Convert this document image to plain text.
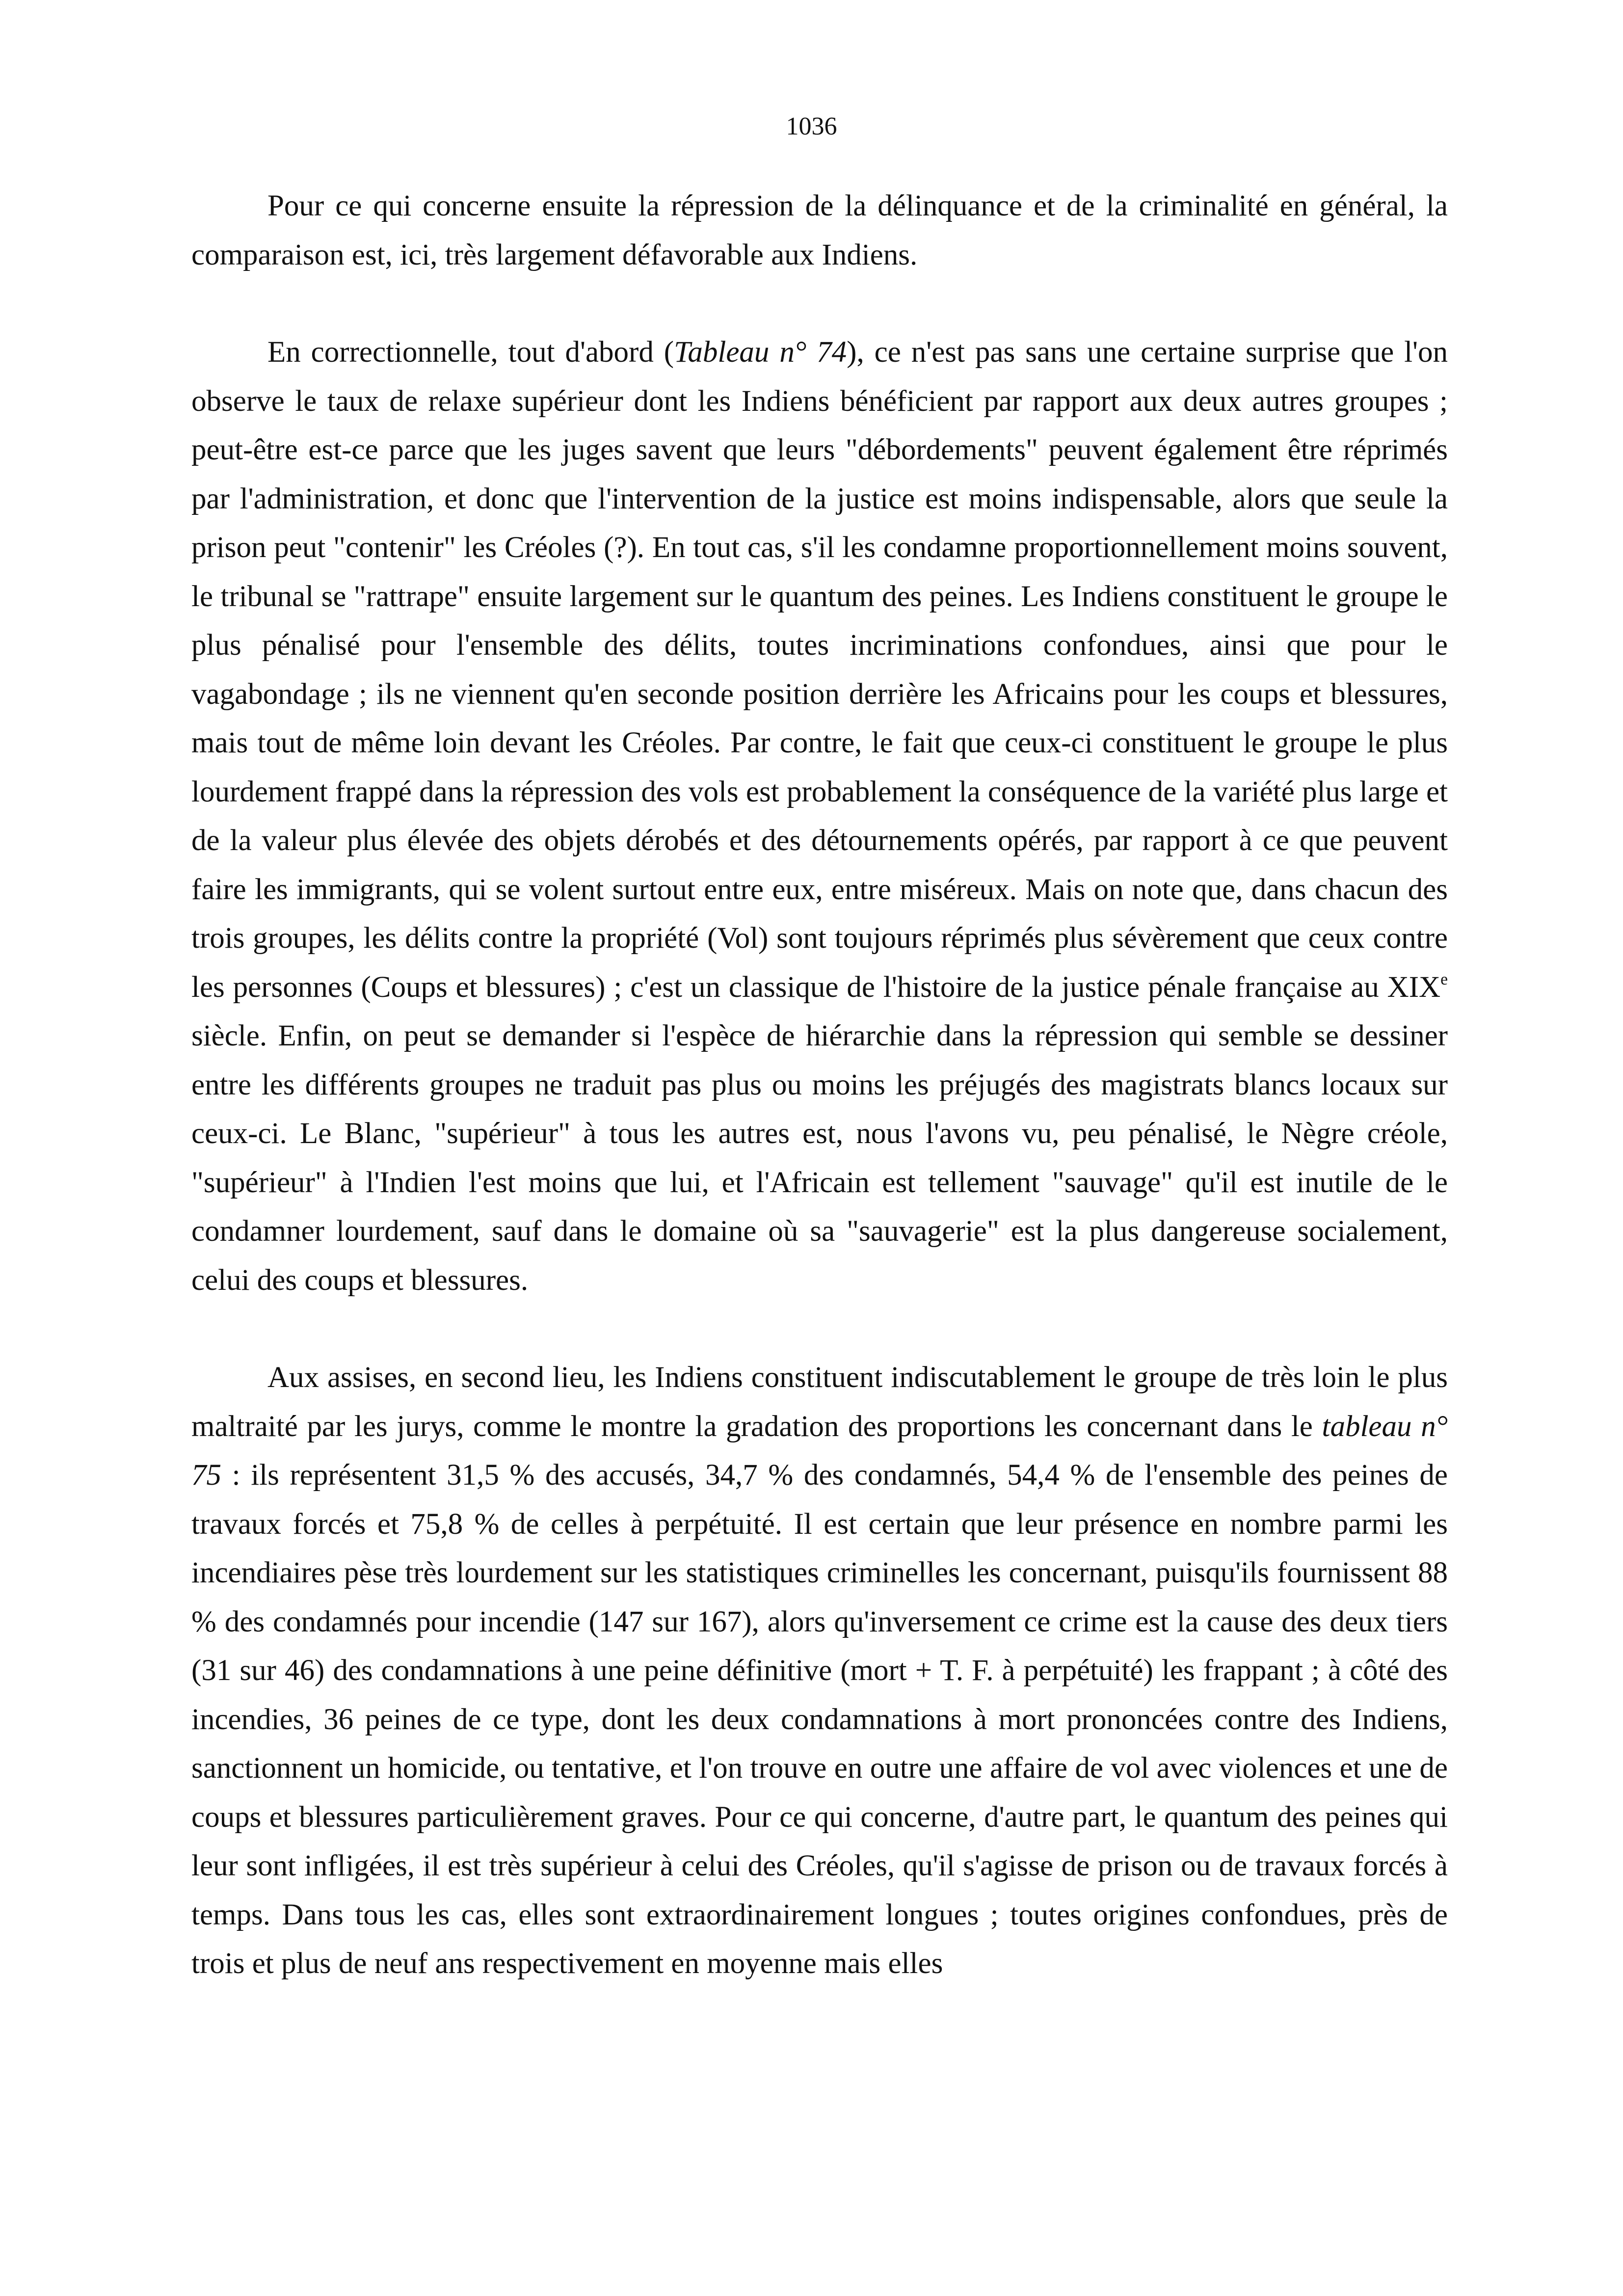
1036

Pour ce qui concerne ensuite la répression de la délinquance et de la criminalité en général, la comparaison est, ici, très largement défavorable aux Indiens.

En correctionnelle, tout d'abord (Tableau n° 74), ce n'est pas sans une certaine surprise que l'on observe le taux de relaxe supérieur dont les Indiens bénéficient par rapport aux deux autres groupes ; peut-être est-ce parce que les juges savent que leurs "débordements" peuvent également être réprimés par l'administration, et donc que l'intervention de la justice est moins indispensable, alors que seule la prison peut "contenir" les Créoles (?). En tout cas, s'il les condamne proportionnellement moins souvent, le tribunal se "rattrape" ensuite largement sur le quantum des peines. Les Indiens constituent le groupe le plus pénalisé pour l'ensemble des délits, toutes incriminations confondues, ainsi que pour le vagabondage ; ils ne viennent qu'en seconde position derrière les Africains pour les coups et blessures, mais tout de même loin devant les Créoles. Par contre, le fait que ceux-ci constituent le groupe le plus lourdement frappé dans la répression des vols est probablement la conséquence de la variété plus large et de la valeur plus élevée des objets dérobés et des détournements opérés, par rapport à ce que peuvent faire les immigrants, qui se volent surtout entre eux, entre miséreux. Mais on note que, dans chacun des trois groupes, les délits contre la propriété (Vol) sont toujours réprimés plus sévèrement que ceux contre les personnes (Coups et blessures) ; c'est un classique de l'histoire de la justice pénale française au XIXe siècle. Enfin, on peut se demander si l'espèce de hiérarchie dans la répression qui semble se dessiner entre les différents groupes ne traduit pas plus ou moins les préjugés des magistrats blancs locaux sur ceux-ci. Le Blanc, "supérieur" à tous les autres est, nous l'avons vu, peu pénalisé, le Nègre créole, "supérieur" à l'Indien l'est moins que lui, et l'Africain est tellement "sauvage" qu'il est inutile de le condamner lourdement, sauf dans le domaine où sa "sauvagerie" est la plus dangereuse socialement, celui des coups et blessures.

Aux assises, en second lieu, les Indiens constituent indiscutablement le groupe de très loin le plus maltraité par les jurys, comme le montre la gradation des proportions les concernant dans le tableau n° 75 : ils représentent 31,5 % des accusés, 34,7 % des condamnés, 54,4 % de l'ensemble des peines de travaux forcés et 75,8 % de celles à perpétuité. Il est certain que leur présence en nombre parmi les incendiaires pèse très lourdement sur les statistiques criminelles les concernant, puisqu'ils fournissent 88 % des condamnés pour incendie (147 sur 167), alors qu'inversement ce crime est la cause des deux tiers (31 sur 46) des condamnations à une peine définitive (mort + T. F. à perpétuité) les frappant ; à côté des incendies, 36 peines de ce type, dont les deux condamnations à mort prononcées contre des Indiens, sanctionnent un homicide, ou tentative, et l'on trouve en outre une affaire de vol avec violences et une de coups et blessures particulièrement graves. Pour ce qui concerne, d'autre part, le quantum des peines qui leur sont infligées, il est très supérieur à celui des Créoles, qu'il s'agisse de prison ou de travaux forcés à temps. Dans tous les cas, elles sont extraordinairement longues ; toutes origines confondues, près de trois et plus de neuf ans respectivement en moyenne mais elles
